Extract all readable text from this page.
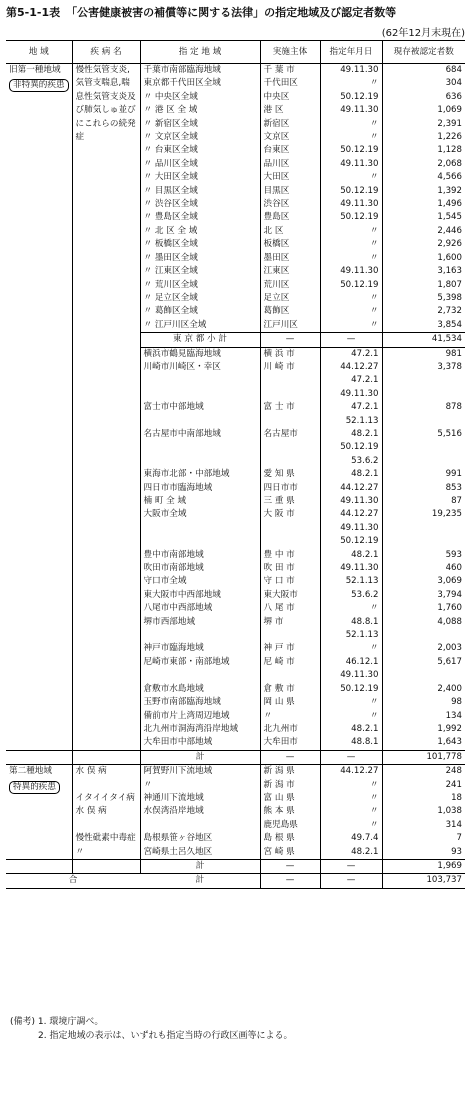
第5-1-1表 「公害健康被害の補償等に関する法律」の指定地域及び認定者数等
(62年12月末現在)
地 域	疾 病 名	指 定 地 域	実施主体	指定年月日	現存被認定者数

旧第一種地域
非特異的疾患	慢性気管支炎,気管支喘息,喘息性気管支炎及び肺気しゅ並びにこれらの続発症	千葉市南部臨海地域	千 葉 市	49.11.30	684
		東京都千代田区全域	千代田区	〃	304
		〃 中央区全域	中央区	50.12.19	636
		〃 港 区 全 域	港 区	49.11.30	1,069
		〃 新宿区全域	新宿区	〃	2,391
		〃 文京区全域	文京区	〃	1,226
		〃 台東区全域	台東区	50.12.19	1,128
		〃 品川区全域	品川区	49.11.30	2,068
		〃 大田区全域	大田区	〃	4,566
		〃 目黒区全域	目黒区	50.12.19	1,392
		〃 渋谷区全域	渋谷区	49.11.30	1,496
		〃 豊島区全域	豊島区	50.12.19	1,545
		〃 北 区 全 域	北 区	〃	2,446
		〃 板橋区全域	板橋区	〃	2,926
		〃 墨田区全域	墨田区	〃	1,600
		〃 江東区全域	江東区	49.11.30	3,163
		〃 荒川区全域	荒川区	50.12.19	1,807
		〃 足立区全域	足立区	〃	5,398
		〃 葛飾区全域	葛飾区	〃	2,732
		〃 江戸川区全域	江戸川区	〃	3,854
		東 京 都 小 計	—	—	41,534
		横浜市鶴見臨海地域	横 浜 市	47.2.1	981
		川崎市川崎区・幸区	川 崎 市	44.12.27	3,378
				47.2.1	
				49.11.30	
		富士市中部地域	富 士 市	47.2.1	878
				52.1.13	
		名古屋市中南部地域	名古屋市	48.2.1	5,516
				50.12.19	
				53.6.2	
		東海市北部・中部地域	愛 知 県	48.2.1	991
		四日市市臨海地域	四日市市	44.12.27	853
		楠 町 全 域	三 重 県	49.11.30	87
		大阪市全域	大 阪 市	44.12.27	19,235
				49.11.30	
				50.12.19	
		豊中市南部地域	豊 中 市	48.2.1	593
		吹田市南部地域	吹 田 市	49.11.30	460
		守口市全域	守 口 市	52.1.13	3,069
		東大阪市中西部地域	東大阪市	53.6.2	3,794
		八尾市中西部地域	八 尾 市	〃	1,760
		堺市西部地域	堺 市	48.8.1	4,088
				52.1.13	
		神戸市臨海地域	神 戸 市	〃	2,003
		尼崎市東部・南部地域	尼 崎 市	46.12.1	5,617
				49.11.30	
		倉敷市水島地域	倉 敷 市	50.12.19	2,400
		玉野市南部臨海地域	岡 山 県	〃	98
		備前市片上湾周辺地域	〃	〃	134
		北九州市洞海湾沿岸地域	北九州市	48.2.1	1,992
		大牟田市中部地域	大牟田市	48.8.1	1,643
		計	—	—	101,778

第二種地域
特異的疾患	水 俣 病	阿賀野川下流地域	新 潟 県	44.12.27	248
		〃	新 潟 市	〃	241
	イタイイタイ病	神通川下流地域	富 山 県	〃	18
	水 俣 病	水俣湾沿岸地域	熊 本 県	〃	1,038
			鹿児島県	〃	314
	慢性砒素中毒症	島根県笹ヶ谷地区	島 根 県	49.7.4	7
	〃	宮崎県土呂久地区	宮 崎 県	48.2.1	93
		計	—	—	1,969
合		計	—	—	103,737
(備考) 1. 環境庁調べ。
2. 指定地域の表示は、いずれも指定当時の行政区画等による。
